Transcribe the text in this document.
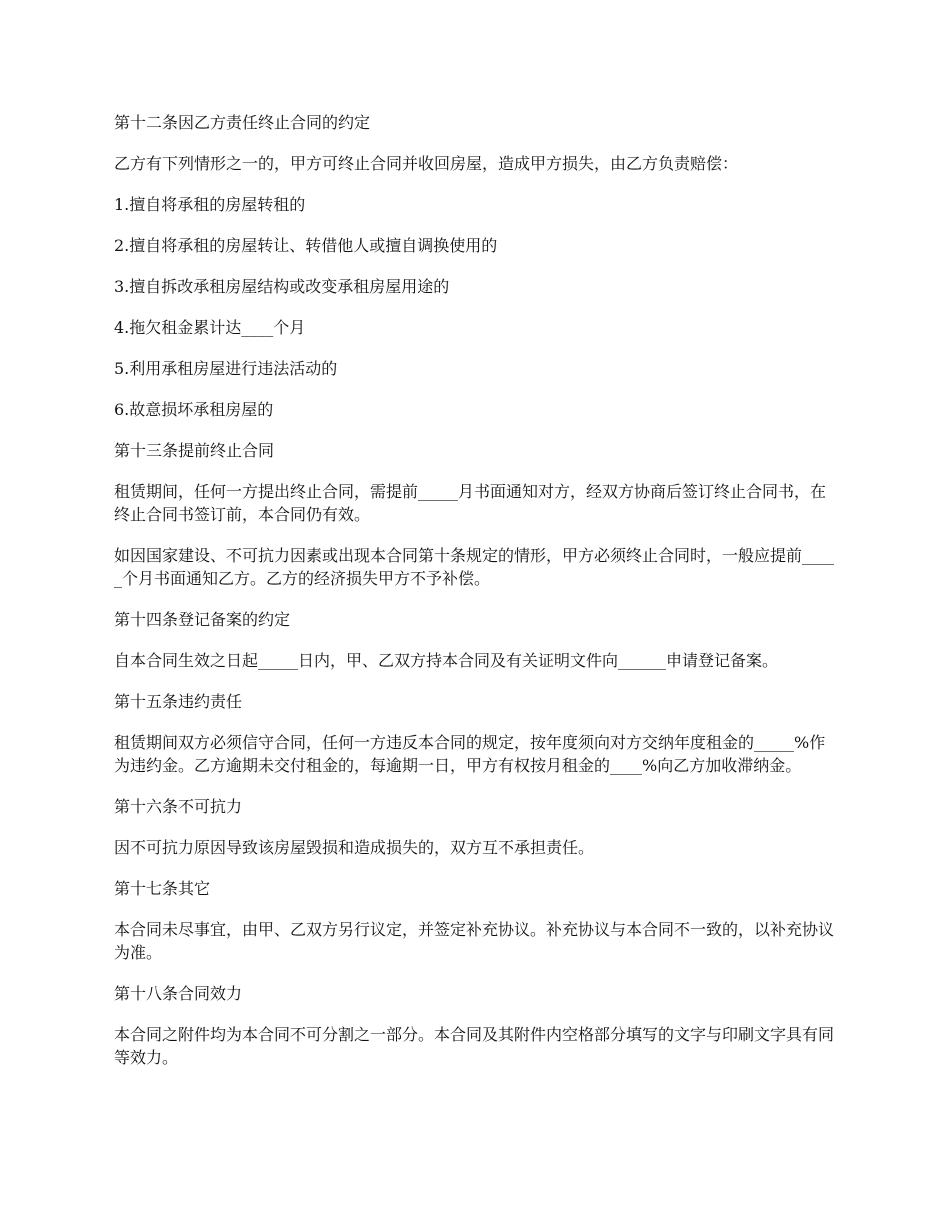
第十二条因乙方责任终止合同的约定

乙方有下列情形之一的，甲方可终止合同并收回房屋，造成甲方损失，由乙方负责赔偿：

1.擅自将承租的房屋转租的

2.擅自将承租的房屋转让、转借他人或擅自调换使用的

3.擅自拆改承租房屋结构或改变承租房屋用途的

4.拖欠租金累计达____个月

5.利用承租房屋进行违法活动的

6.故意损坏承租房屋的

第十三条提前终止合同

租赁期间，任何一方提出终止合同，需提前_____月书面通知对方，经双方协商后签订终止合同书，在终止合同书签订前，本合同仍有效。

如因国家建设、不可抗力因素或出现本合同第十条规定的情形，甲方必须终止合同时，一般应提前_____个月书面通知乙方。乙方的经济损失甲方不予补偿。

第十四条登记备案的约定

自本合同生效之日起_____日内，甲、乙双方持本合同及有关证明文件向______申请登记备案。

第十五条违约责任

租赁期间双方必须信守合同，任何一方违反本合同的规定，按年度须向对方交纳年度租金的_____%作为违约金。乙方逾期未交付租金的，每逾期一日，甲方有权按月租金的____%向乙方加收滞纳金。

第十六条不可抗力

因不可抗力原因导致该房屋毁损和造成损失的，双方互不承担责任。

第十七条其它

本合同未尽事宜，由甲、乙双方另行议定，并签定补充协议。补充协议与本合同不一致的，以补充协议为准。

第十八条合同效力

本合同之附件均为本合同不可分割之一部分。本合同及其附件内空格部分填写的文字与印刷文字具有同等效力。
